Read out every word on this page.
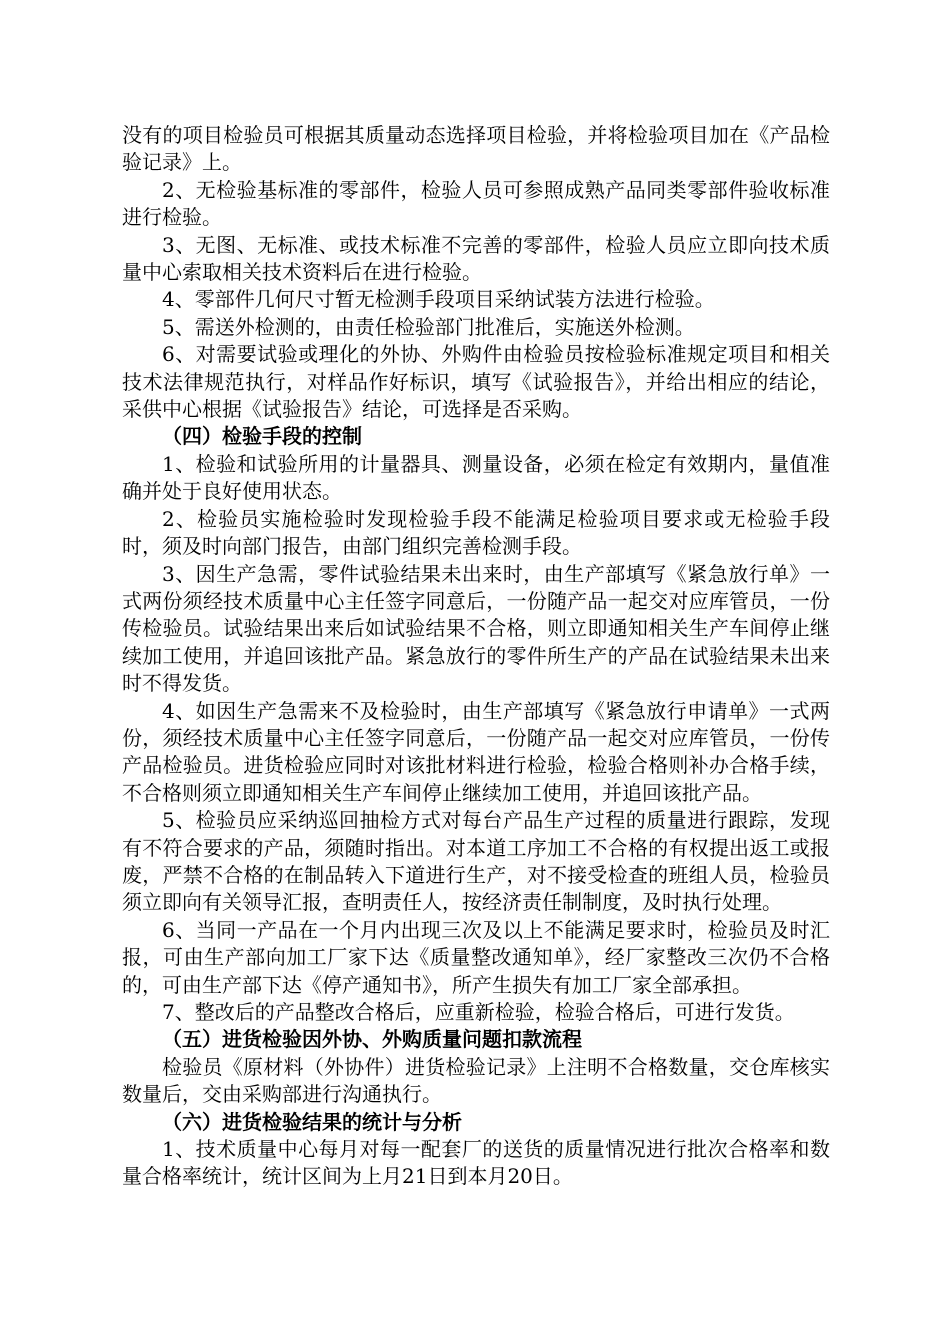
没有的项目检验员可根据其质量动态选择项目检验，并将检验项目加在《产品检验记录》上。

2、无检验基标准的零部件，检验人员可参照成熟产品同类零部件验收标准进行检验。

3、无图、无标准、或技术标准不完善的零部件，检验人员应立即向技术质量中心索取相关技术资料后在进行检验。

4、零部件几何尺寸暂无检测手段项目采纳试装方法进行检验。

5、需送外检测的，由责任检验部门批准后，实施送外检测。

6、对需要试验或理化的外协、外购件由检验员按检验标准规定项目和相关技术法律规范执行，对样品作好标识，填写《试验报告》，并给出相应的结论，采供中心根据《试验报告》结论，可选择是否采购。

（四）检验手段的控制

1、检验和试验所用的计量器具、测量设备，必须在检定有效期内，量值准确并处于良好使用状态。

2、检验员实施检验时发现检验手段不能满足检验项目要求或无检验手段时，须及时向部门报告，由部门组织完善检测手段。

3、因生产急需，零件试验结果未出来时，由生产部填写《紧急放行单》一式两份须经技术质量中心主任签字同意后，一份随产品一起交对应库管员，一份传检验员。试验结果出来后如试验结果不合格，则立即通知相关生产车间停止继续加工使用，并追回该批产品。紧急放行的零件所生产的产品在试验结果未出来时不得发货。

4、如因生产急需来不及检验时，由生产部填写《紧急放行申请单》一式两份，须经技术质量中心主任签字同意后，一份随产品一起交对应库管员，一份传产品检验员。进货检验应同时对该批材料进行检验，检验合格则补办合格手续，不合格则须立即通知相关生产车间停止继续加工使用，并追回该批产品。

5、检验员应采纳巡回抽检方式对每台产品生产过程的质量进行跟踪，发现有不符合要求的产品，须随时指出。对本道工序加工不合格的有权提出返工或报废，严禁不合格的在制品转入下道进行生产，对不接受检查的班组人员，检验员须立即向有关领导汇报，查明责任人，按经济责任制制度，及时执行处理。

6、当同一产品在一个月内出现三次及以上不能满足要求时，检验员及时汇报，可由生产部向加工厂家下达《质量整改通知单》，经厂家整改三次仍不合格的，可由生产部下达《停产通知书》，所产生损失有加工厂家全部承担。

7、整改后的产品整改合格后，应重新检验，检验合格后，可进行发货。

（五）进货检验因外协、外购质量问题扣款流程

检验员《原材料（外协件）进货检验记录》上注明不合格数量，交仓库核实数量后，交由采购部进行沟通执行。

（六）进货检验结果的统计与分析

1、技术质量中心每月对每一配套厂的送货的质量情况进行批次合格率和数量合格率统计，统计区间为上月21日到本月20日。
